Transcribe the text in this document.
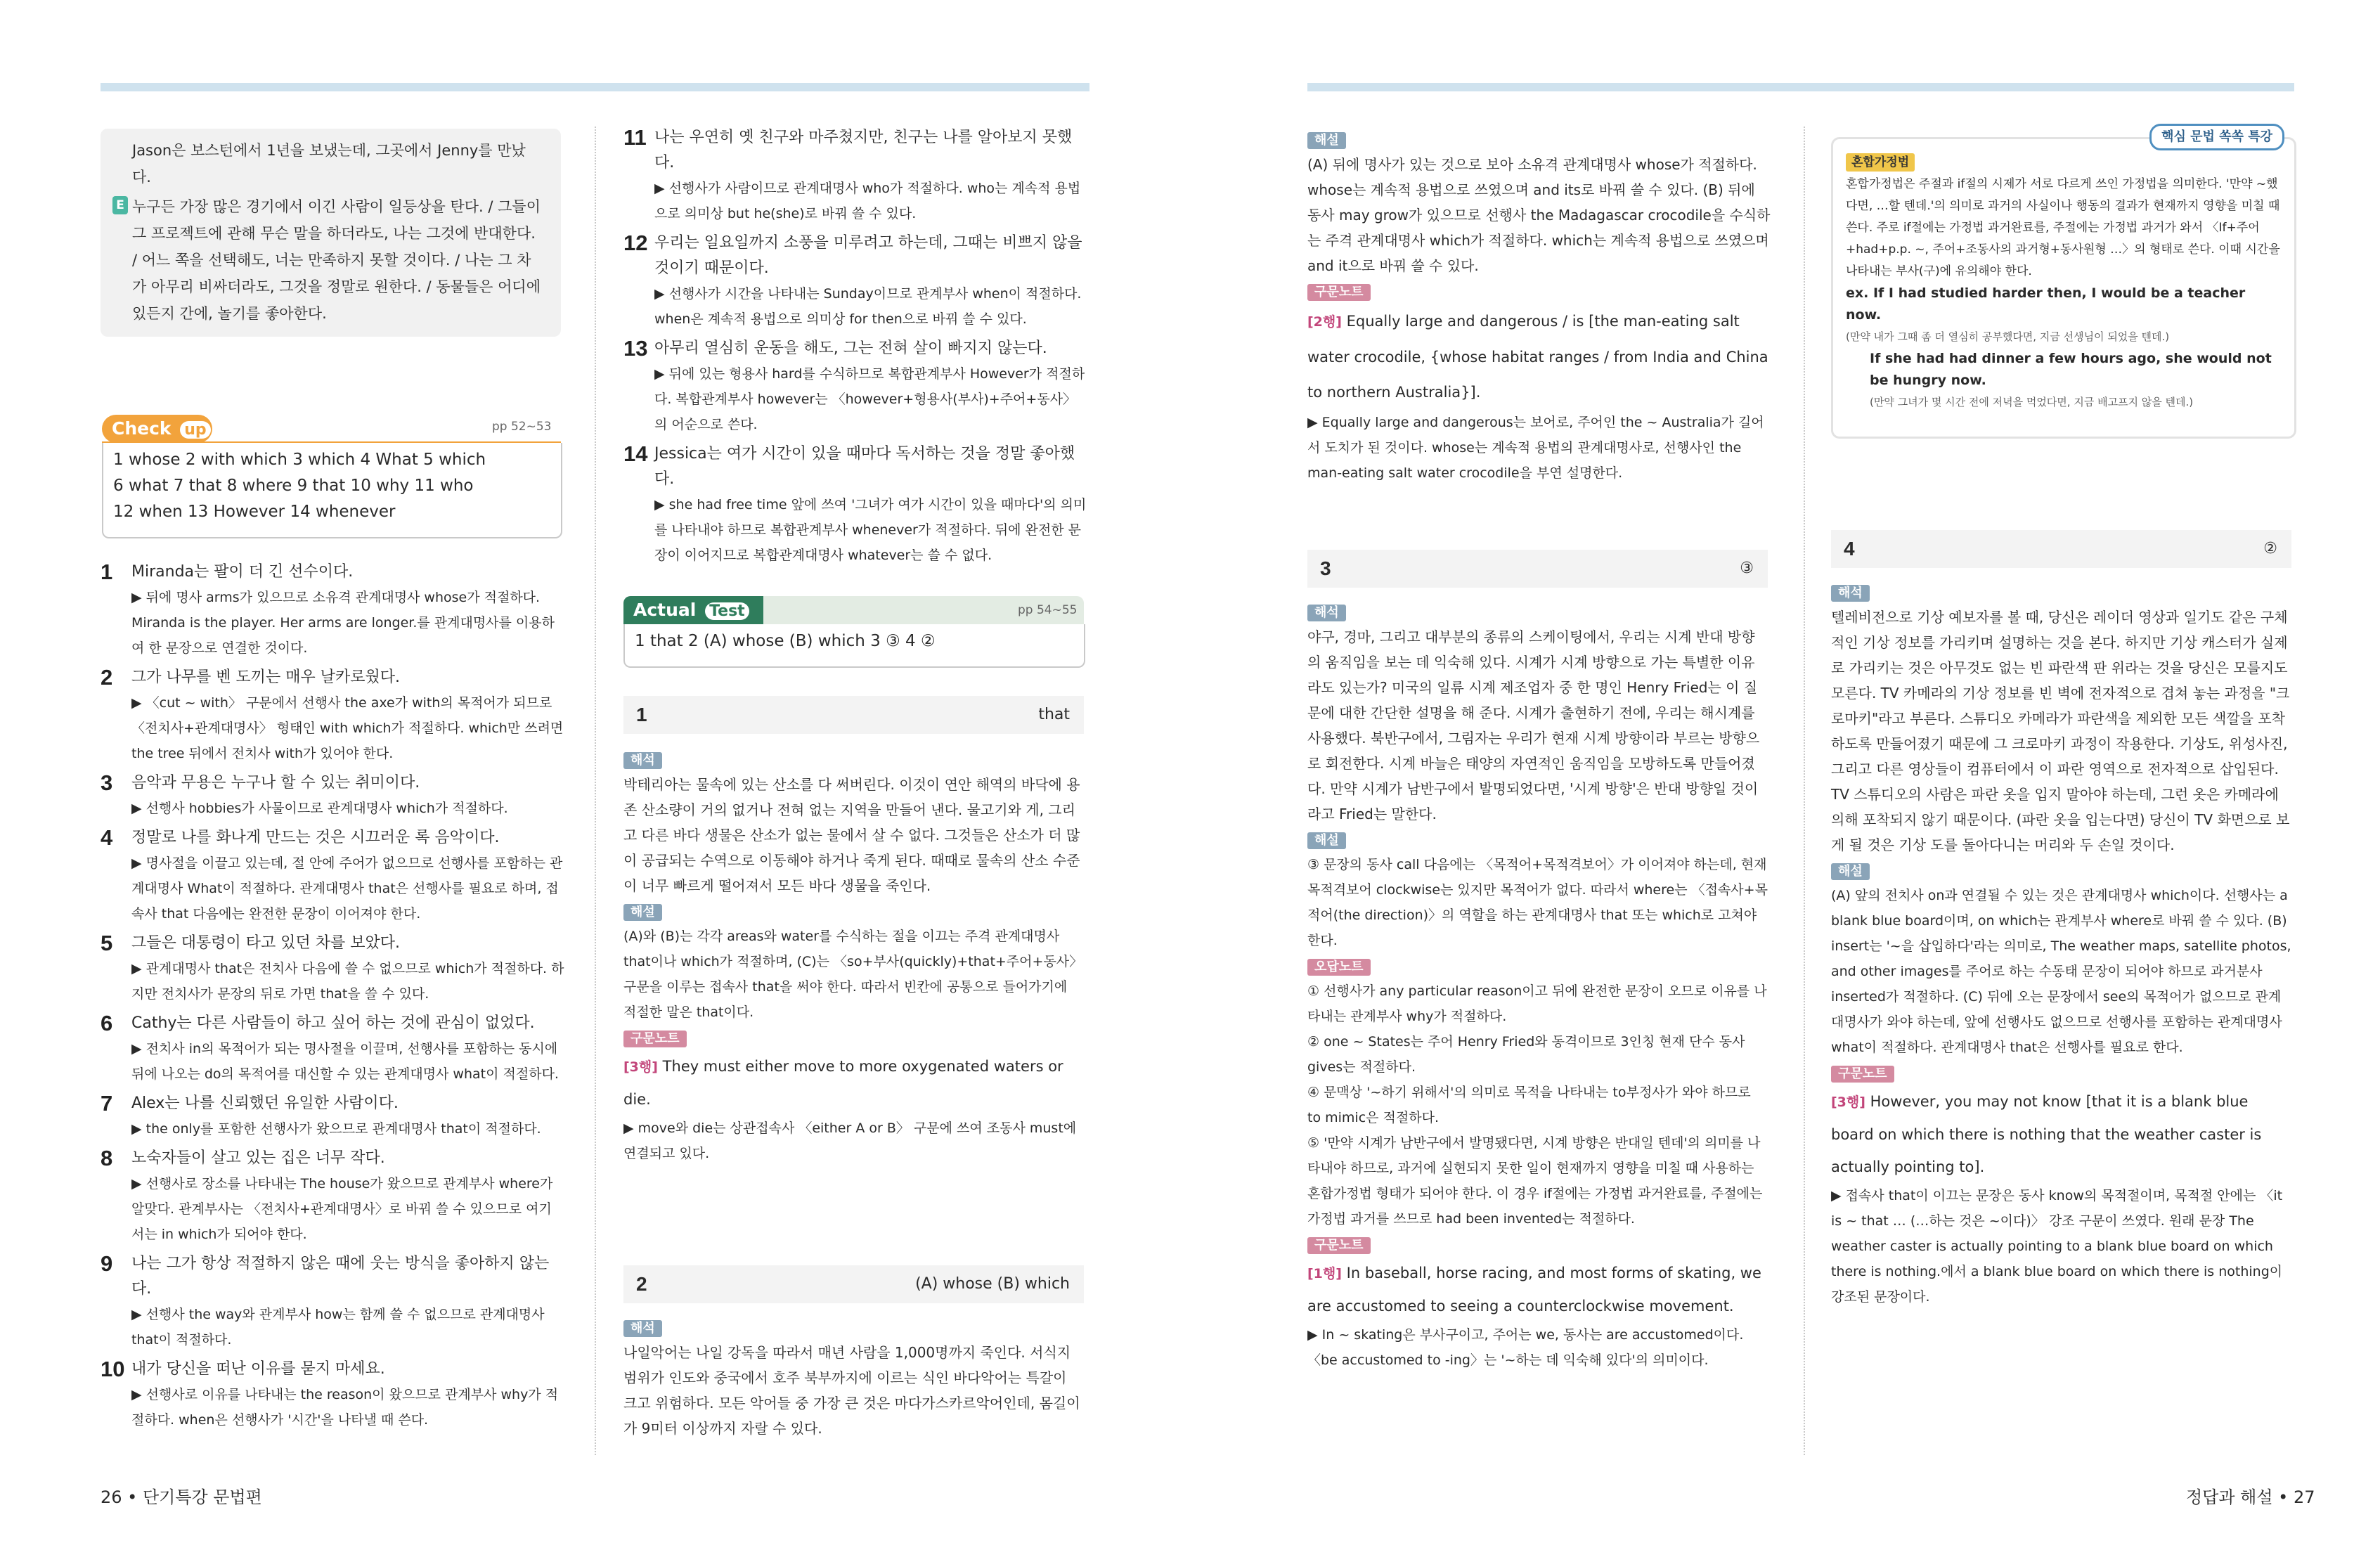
Jason은 보스턴에서 1년을 보냈는데, 그곳에서 Jenny를 만났다.

E 누구든 가장 많은 경기에서 이긴 사람이 일등상을 탄다. / 그들이 그 프로젝트에 관해 무슨 말을 하더라도, 나는 그것에 반대한다. / 어느 쪽을 선택해도, 너는 만족하지 못할 것이다. / 나는 그 차가 아무리 비싸더라도, 그것을 정말로 원한다. / 동물들은 어디에 있든지 간에, 놀기를 좋아한다.

Check up	pp 52~53
1 whose 2 with which 3 which 4 What 5 which
6 what 7 that 8 where 9 that 10 why 11 who
12 when 13 However 14 whenever
1 Miranda는 팔이 더 긴 선수이다.
▶ 뒤에 명사 arms가 있으므로 소유격 관계대명사 whose가 적절하다. Miranda is the player. Her arms are longer.를 관계대명사를 이용하여 한 문장으로 연결한 것이다.
2 그가 나무를 벤 도끼는 매우 날카로웠다.
▶ 〈cut ~ with〉 구문에서 선행사 the axe가 with의 목적어가 되므로 〈전치사+관계대명사〉 형태인 with which가 적절하다. which만 쓰려면 the tree 뒤에서 전치사 with가 있어야 한다.
3 음악과 무용은 누구나 할 수 있는 취미이다.
▶ 선행사 hobbies가 사물이므로 관계대명사 which가 적절하다.
4 정말로 나를 화나게 만드는 것은 시끄러운 록 음악이다.
▶ 명사절을 이끌고 있는데, 절 안에 주어가 없으므로 선행사를 포함하는 관계대명사 What이 적절하다. 관계대명사 that은 선행사를 필요로 하며, 접속사 that 다음에는 완전한 문장이 이어져야 한다.
5 그들은 대통령이 타고 있던 차를 보았다.
▶ 관계대명사 that은 전치사 다음에 쓸 수 없으므로 which가 적절하다. 하지만 전치사가 문장의 뒤로 가면 that을 쓸 수 있다.
6 Cathy는 다른 사람들이 하고 싶어 하는 것에 관심이 없었다.
▶ 전치사 in의 목적어가 되는 명사절을 이끌며, 선행사를 포함하는 동시에 뒤에 나오는 do의 목적어를 대신할 수 있는 관계대명사 what이 적절하다.
7 Alex는 나를 신뢰했던 유일한 사람이다.
▶ the only를 포함한 선행사가 왔으므로 관계대명사 that이 적절하다.
8 노숙자들이 살고 있는 집은 너무 작다.
▶ 선행사로 장소를 나타내는 The house가 왔으므로 관계부사 where가 알맞다. 관계부사는 〈전치사+관계대명사〉로 바꿔 쓸 수 있으므로 여기서는 in which가 되어야 한다.
9 나는 그가 항상 적절하지 않은 때에 웃는 방식을 좋아하지 않는다.
▶ 선행사 the way와 관계부사 how는 함께 쓸 수 없으므로 관계대명사 that이 적절하다.
10 내가 당신을 떠난 이유를 묻지 마세요.
▶ 선행사로 이유를 나타내는 the reason이 왔으므로 관계부사 why가 적절하다. when은 선행사가 '시간'을 나타낼 때 쓴다.
11 나는 우연히 옛 친구와 마주쳤지만, 친구는 나를 알아보지 못했다.
▶ 선행사가 사람이므로 관계대명사 who가 적절하다. who는 계속적 용법으로 의미상 but he(she)로 바꿔 쓸 수 있다.
12 우리는 일요일까지 소풍을 미루려고 하는데, 그때는 비쁘지 않을 것이기 때문이다.
▶ 선행사가 시간을 나타내는 Sunday이므로 관계부사 when이 적절하다. when은 계속적 용법으로 의미상 for then으로 바꿔 쓸 수 있다.
13 아무리 열심히 운동을 해도, 그는 전혀 살이 빠지지 않는다.
▶ 뒤에 있는 형용사 hard를 수식하므로 복합관계부사 However가 적절하다. 복합관계부사 however는 〈however+형용사(부사)+주어+동사〉의 어순으로 쓴다.
14 Jessica는 여가 시간이 있을 때마다 독서하는 것을 정말 좋아했다.
▶ she had free time 앞에 쓰여 '그녀가 여가 시간이 있을 때마다'의 의미를 나타내야 하므로 복합관계부사 whenever가 적절하다. 뒤에 완전한 문장이 이어지므로 복합관계대명사 whatever는 쓸 수 없다.
Actual Test	pp 54~55
1 that 2 (A) whose (B) which 3 ③ 4 ②
1	that
해석
박테리아는 물속에 있는 산소를 다 써버린다. 이것이 연안 해역의 바닥에 용존 산소량이 거의 없거나 전혀 없는 지역을 만들어 낸다. 물고기와 게, 그리고 다른 바다 생물은 산소가 없는 물에서 살 수 없다. 그것들은 산소가 더 많이 공급되는 수역으로 이동해야 하거나 죽게 된다. 때때로 물속의 산소 수준이 너무 빠르게 떨어져서 모든 바다 생물을 죽인다.
해설
(A)와 (B)는 각각 areas와 water를 수식하는 절을 이끄는 주격 관계대명사 that이나 which가 적절하며, (C)는 〈so+부사(quickly)+that+주어+동사〉 구문을 이루는 접속사 that을 써야 한다. 따라서 빈칸에 공통으로 들어가기에 적절한 말은 that이다.
구문노트
[3행] They must either move to more oxygenated waters or die.
▶ move와 die는 상관접속사 〈either A or B〉 구문에 쓰여 조동사 must에 연결되고 있다.
2	(A) whose (B) which
해석
나일악어는 나일 강독을 따라서 매년 사람을 1,000명까지 죽인다. 서식지 범위가 인도와 중국에서 호주 북부까지에 이르는 식인 바다악어는 특갈이 크고 위험하다. 모든 악어들 중 가장 큰 것은 마다가스카르악어인데, 몸길이가 9미터 이상까지 자랄 수 있다.
26 • 단기특강 문법편
해설
(A) 뒤에 명사가 있는 것으로 보아 소유격 관계대명사 whose가 적절하다. whose는 계속적 용법으로 쓰였으며 and its로 바꿔 쓸 수 있다. (B) 뒤에 동사 may grow가 있으므로 선행사 the Madagascar crocodile을 수식하는 주격 관계대명사 which가 적절하다. which는 계속적 용법으로 쓰였으며 and it으로 바꿔 쓸 수 있다.
구문노트
[2행] Equally large and dangerous / is [the man-eating salt water crocodile, {whose habitat ranges / from India and China to northern Australia}].
▶ Equally large and dangerous는 보어로, 주어인 the ~ Australia가 길어서 도치가 된 것이다. whose는 계속적 용법의 관계대명사로, 선행사인 the man-eating salt water crocodile을 부연 설명한다.
3	③
해석
야구, 경마, 그리고 대부분의 종류의 스케이팅에서, 우리는 시계 반대 방향의 움직임을 보는 데 익숙해 있다. 시계가 시계 방향으로 가는 특별한 이유라도 있는가? 미국의 일류 시계 제조업자 중 한 명인 Henry Fried는 이 질문에 대한 간단한 설명을 해 준다. 시계가 출현하기 전에, 우리는 해시계를 사용했다. 북반구에서, 그림자는 우리가 현재 시계 방향이라 부르는 방향으로 회전한다. 시계 바늘은 태양의 자연적인 움직임을 모방하도록 만들어졌다. 만약 시계가 남반구에서 발명되었다면, '시계 방향'은 반대 방향일 것이라고 Fried는 말한다.
해설
③ 문장의 동사 call 다음에는 〈목적어+목적격보어〉가 이어져야 하는데, 현재 목적격보어 clockwise는 있지만 목적어가 없다. 따라서 where는 〈접속사+목적어(the direction)〉의 역할을 하는 관계대명사 that 또는 which로 고쳐야 한다.
오답노트
① 선행사가 any particular reason이고 뒤에 완전한 문장이 오므로 이유를 나타내는 관계부사 why가 적절하다.
② one ~ States는 주어 Henry Fried와 동격이므로 3인칭 현재 단수 동사 gives는 적절하다.
④ 문맥상 '~하기 위해서'의 의미로 목적을 나타내는 to부정사가 와야 하므로 to mimic은 적절하다.
⑤ '만약 시계가 남반구에서 발명됐다면, 시계 방향은 반대일 텐데'의 의미를 나타내야 하므로, 과거에 실현되지 못한 일이 현재까지 영향을 미칠 때 사용하는 혼합가정법 형태가 되어야 한다. 이 경우 if절에는 가정법 과거완료를, 주절에는 가정법 과거를 쓰므로 had been invented는 적절하다.
구문노트
[1행] In baseball, horse racing, and most forms of skating, we are accustomed to seeing a counterclockwise movement.
▶ In ~ skating은 부사구이고, 주어는 we, 동사는 are accustomed이다. 〈be accustomed to -ing〉는 '~하는 데 익숙해 있다'의 의미이다.
핵심 문법 쏙쏙 특강
혼합가정법
혼합가정법은 주절과 if절의 시제가 서로 다르게 쓰인 가정법을 의미한다. '만약 ~했다면, …할 텐데.'의 의미로 과거의 사실이나 행동의 결과가 현재까지 영향을 미칠 때 쓴다. 주로 if절에는 가정법 과거완료를, 주절에는 가정법 과거가 와서 〈If+주어+had+p.p. ~, 주어+조동사의 과거형+동사원형 …〉의 형태로 쓴다. 이때 시간을 나타내는 부사(구)에 유의해야 한다.
ex. If I had studied harder then, I would be a teacher now.
(만약 내가 그때 좀 더 열심히 공부했다면, 지금 선생님이 되었을 텐데.)
If she had had dinner a few hours ago, she would not be hungry now.
(만약 그녀가 몇 시간 전에 저녁을 먹었다면, 지금 배고프지 않을 텐데.)
4	②
해석
텔레비전으로 기상 예보자를 볼 때, 당신은 레이더 영상과 일기도 같은 구체적인 기상 정보를 가리키며 설명하는 것을 본다. 하지만 기상 캐스터가 실제로 가리키는 것은 아무것도 없는 빈 파란색 판 위라는 것을 당신은 모를지도 모른다. TV 카메라의 기상 정보를 빈 벽에 전자적으로 겹쳐 놓는 과정을 "크로마키"라고 부른다. 스튜디오 카메라가 파란색을 제외한 모든 색깔을 포착하도록 만들어졌기 때문에 그 크로마키 과정이 작용한다. 기상도, 위성사진, 그리고 다른 영상들이 컴퓨터에서 이 파란 영역으로 전자적으로 삽입된다. TV 스튜디오의 사람은 파란 옷을 입지 말아야 하는데, 그런 옷은 카메라에 의해 포착되지 않기 때문이다. (파란 옷을 입는다면) 당신이 TV 화면으로 보게 될 것은 기상 도를 돌아다니는 머리와 두 손일 것이다.
해설
(A) 앞의 전치사 on과 연결될 수 있는 것은 관계대명사 which이다. 선행사는 a blank blue board이며, on which는 관계부사 where로 바꿔 쓸 수 있다. (B) insert는 '~을 삽입하다'라는 의미로, The weather maps, satellite photos, and other images를 주어로 하는 수동태 문장이 되어야 하므로 과거분사 inserted가 적절하다. (C) 뒤에 오는 문장에서 see의 목적어가 없으므로 관계대명사가 와야 하는데, 앞에 선행사도 없으므로 선행사를 포함하는 관계대명사 what이 적절하다. 관계대명사 that은 선행사를 필요로 한다.
구문노트
[3행] However, you may not know [that it is a blank blue board on which there is nothing that the weather caster is actually pointing to].
▶ 접속사 that이 이끄는 문장은 동사 know의 목적절이며, 목적절 안에는 〈it is ~ that … (…하는 것은 ~이다)〉 강조 구문이 쓰였다. 원래 문장 The weather caster is actually pointing to a blank blue board on which there is nothing.에서 a blank blue board on which there is nothing이 강조된 문장이다.
정답과 해설 • 27
